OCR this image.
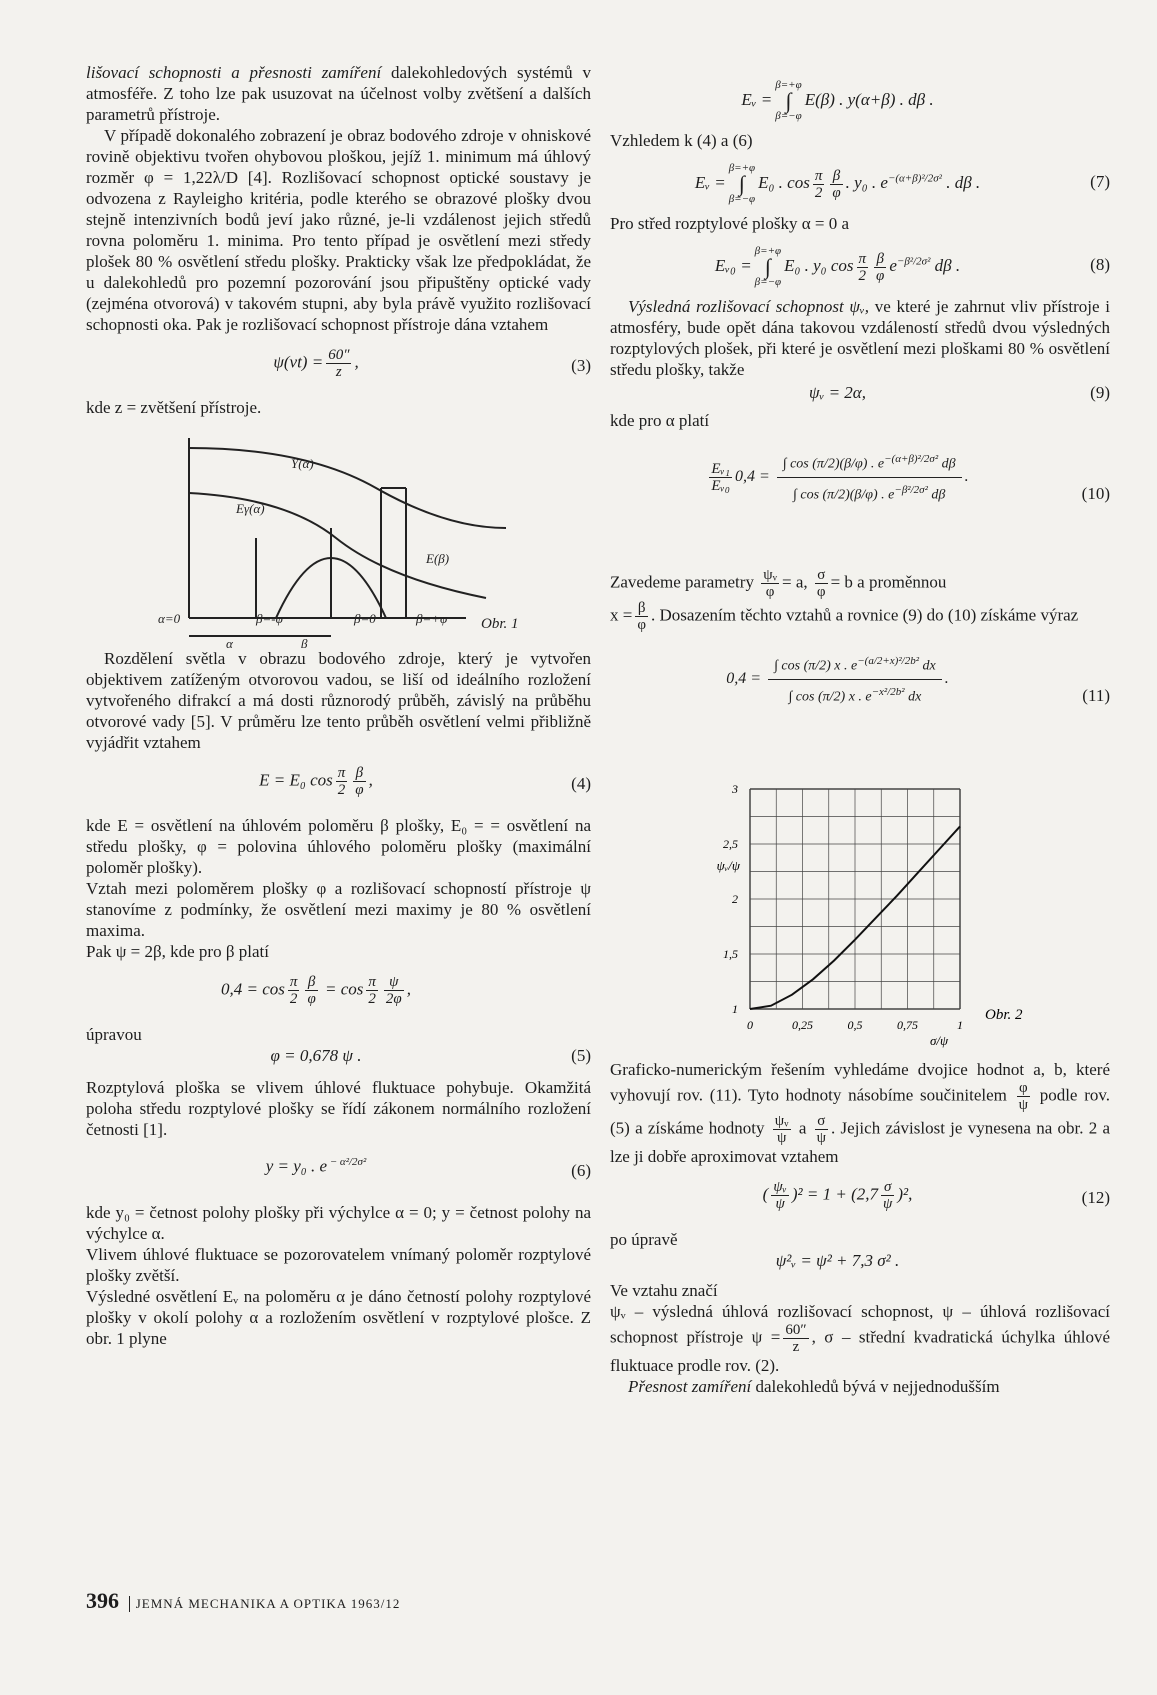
lišovací schopnosti a přesnosti zamíření dalekohledových systémů v atmosféře. Z toho lze pak usuzovat na účelnost volby zvětšení a dalších parametrů přístroje.

V případě dokonalého zobrazení je obraz bodového zdroje v ohniskové rovině objektivu tvořen ohybovou ploškou, jejíž 1. minimum má úhlový rozměr φ = 1,22λ/D [4]. Rozlišovací schopnost optické soustavy je odvozena z Rayleigho kritéria, podle kterého se obrazové plošky dvou stejně intenzivních bodů jeví jako různé, je-li vzdálenost jejich středů rovna poloměru 1. minima. Pro tento případ je osvětlení mezi středy plošek 80 % osvětlení středu plošky. Prakticky však lze předpokládat, že u dalekohledů pro pozemní pozorování jsou připuštěny optické vady (zejména otvorová) v takovém stupni, aby byla právě využito rozlišovací schopnosti oka. Pak je rozlišovací schopnost přístroje dána vztahem

$\psi(vt) = \frac{60''}{z}$ ,	(3)

kde z = zvětšení přístroje.

Y(α)
Eγ(α)
E(β)
α=0	β=-φ	β=0	β=+φ
α	β
Obr. 1

Rozdělení světla v obrazu bodového zdroje, který je vytvořen objektivem zatíženým otvorovou vadou, se liší od ideálního rozložení vytvořeného difrakcí a má dosti různorodý průběh, závislý na průběhu otvorové vady [5]. V průměru lze tento průběh osvětlení velmi přibližně vyjádřit vztahem

E = E₀ $\cos \frac{\pi}{2} \frac{\beta}{\varphi}$ ,	(4)

kde E = osvětlení na úhlovém poloměru β plošky, E₀ = = osvětlení na středu plošky, φ = polovina úhlového poloměru plošky (maximální poloměr plošky).

Vztah mezi poloměrem plošky φ a rozlišovací schopností přístroje ψ stanovíme z podmínky, že osvětlení mezi maximy je 80 % osvětlení maxima.

Pak ψ = 2β, kde pro β platí

$0,4 = \cos \frac{\pi}{2} \frac{\beta}{\varphi} = \cos \frac{\pi}{2} \frac{\psi}{2\varphi}$ ,

úpravou

φ = 0,678 ψ .	(5)

Rozptylová ploška se vlivem úhlové fluktuace pohybuje. Okamžitá poloha středu rozptylové plošky se řídí zákonem normálního rozložení četnosti [1].

y = y₀ . e $^{- \alpha^2/2\sigma^2}$	(6)

kde y₀ = četnost polohy plošky při výchylce α = 0; y = četnost polohy na výchylce α.

Vlivem úhlové fluktuace se pozorovatelem vnímaný poloměr rozptylové plošky zvětší.

Výsledné osvětlení Eᵥ na poloměru α je dáno četností polohy rozptylové plošky v okolí polohy α a rozložením osvětlení v rozptylové plošce. Z obr. 1 plyne

Eᵥ =β=+φ
∫
β=−φE(β) . y(α+β) . dβ .

Vzhledem k (4) a (6)

Eᵥ =β=+φ
∫
β=−φE₀ . $\cos \frac{\pi}{2} \frac{\beta}{\varphi}$ . y₀ . $e^{-(\alpha+\beta)^2/2\sigma^2}$ . dβ .	(7)

Pro střed rozptylové plošky α = 0 a

Eᵥ₀ =β=+φ
∫
β=−φE₀ . y₀ $\cos \frac{\pi}{2} \frac{\beta}{\varphi} e^{-\beta^2/2\sigma^2}$ dβ .	(8)

Výsledná rozlišovací schopnost ψᵥ, ve které je zahrnut vliv přístroje i atmosféry, bude opět dána takovou vzdáleností středů dvou výsledných rozptylových plošek, při které je osvětlení mezi ploškami 80 % osvětlení středu plošky, takže

ψᵥ = 2α,	(9)

kde pro α platí

$\frac{\text{Eᵥ₁}}{\text{Eᵥ₀}} 0,4 = \frac{\int \cos (\pi/2)(\beta/\varphi) . e^{-(\alpha+\beta)^2/2\sigma^2} d\beta}{\int \cos (\pi/2)(\beta/\varphi) . e^{-\beta^2/2\sigma^2} d\beta}$ .
(10)

Zavedeme parametry $\frac{\text{ψᵥ}}{\varphi} = a$, $\frac{\sigma}{\varphi} = b$ a proměnnou

$x = \frac{\beta}{\varphi}$ . Dosazením těchto vztahů a rovnice (9) do (10) získáme výraz

$0,4 = \frac{\int \cos (\pi/2) x . e^{-(a/2+x)^2/2b^2} dx}{\int \cos (\pi/2) x . e^{-x^2/2b^2} dx}$ .
(11)
1
1,5
2
2,5
3
0	0,25	0,5	0,75	1
ψᵥ/ψ
σ/ψ
Obr. 2

Graficko-numerickým řešením vyhledáme dvojice hodnot a, b, které vyhovují rov. (11). Tyto hodnoty násobíme součinitelem $\frac{\varphi}{\psi}$ podle rov. (5) a získáme hodnoty $\frac{\text{ψᵥ}}{\psi}$ a $\frac{\sigma}{\psi}$ . Jejich závislost je vynesena na obr. 2 a lze ji dobře aproximovat vztahem

( $\frac{\text{ψᵥ}}{\psi} )^2 = 1 + (2,7 \frac{\sigma}{\psi} )^2$,	(12)

po úpravě

ψ²ᵥ = ψ² + 7,3 σ² .

Ve vztahu značí

ψᵥ – výsledná úhlová rozlišovací schopnost, ψ – úhlová rozlišovací schopnost přístroje $\psi = \frac{60''}{z}$ , σ – střední kvadratická úchylka úhlové fluktuace prodle rov. (2).

Přesnost zamíření dalekohledů bývá v nejjednodušším

396 JEMNÁ MECHANIKA A OPTIKA 1963/12
